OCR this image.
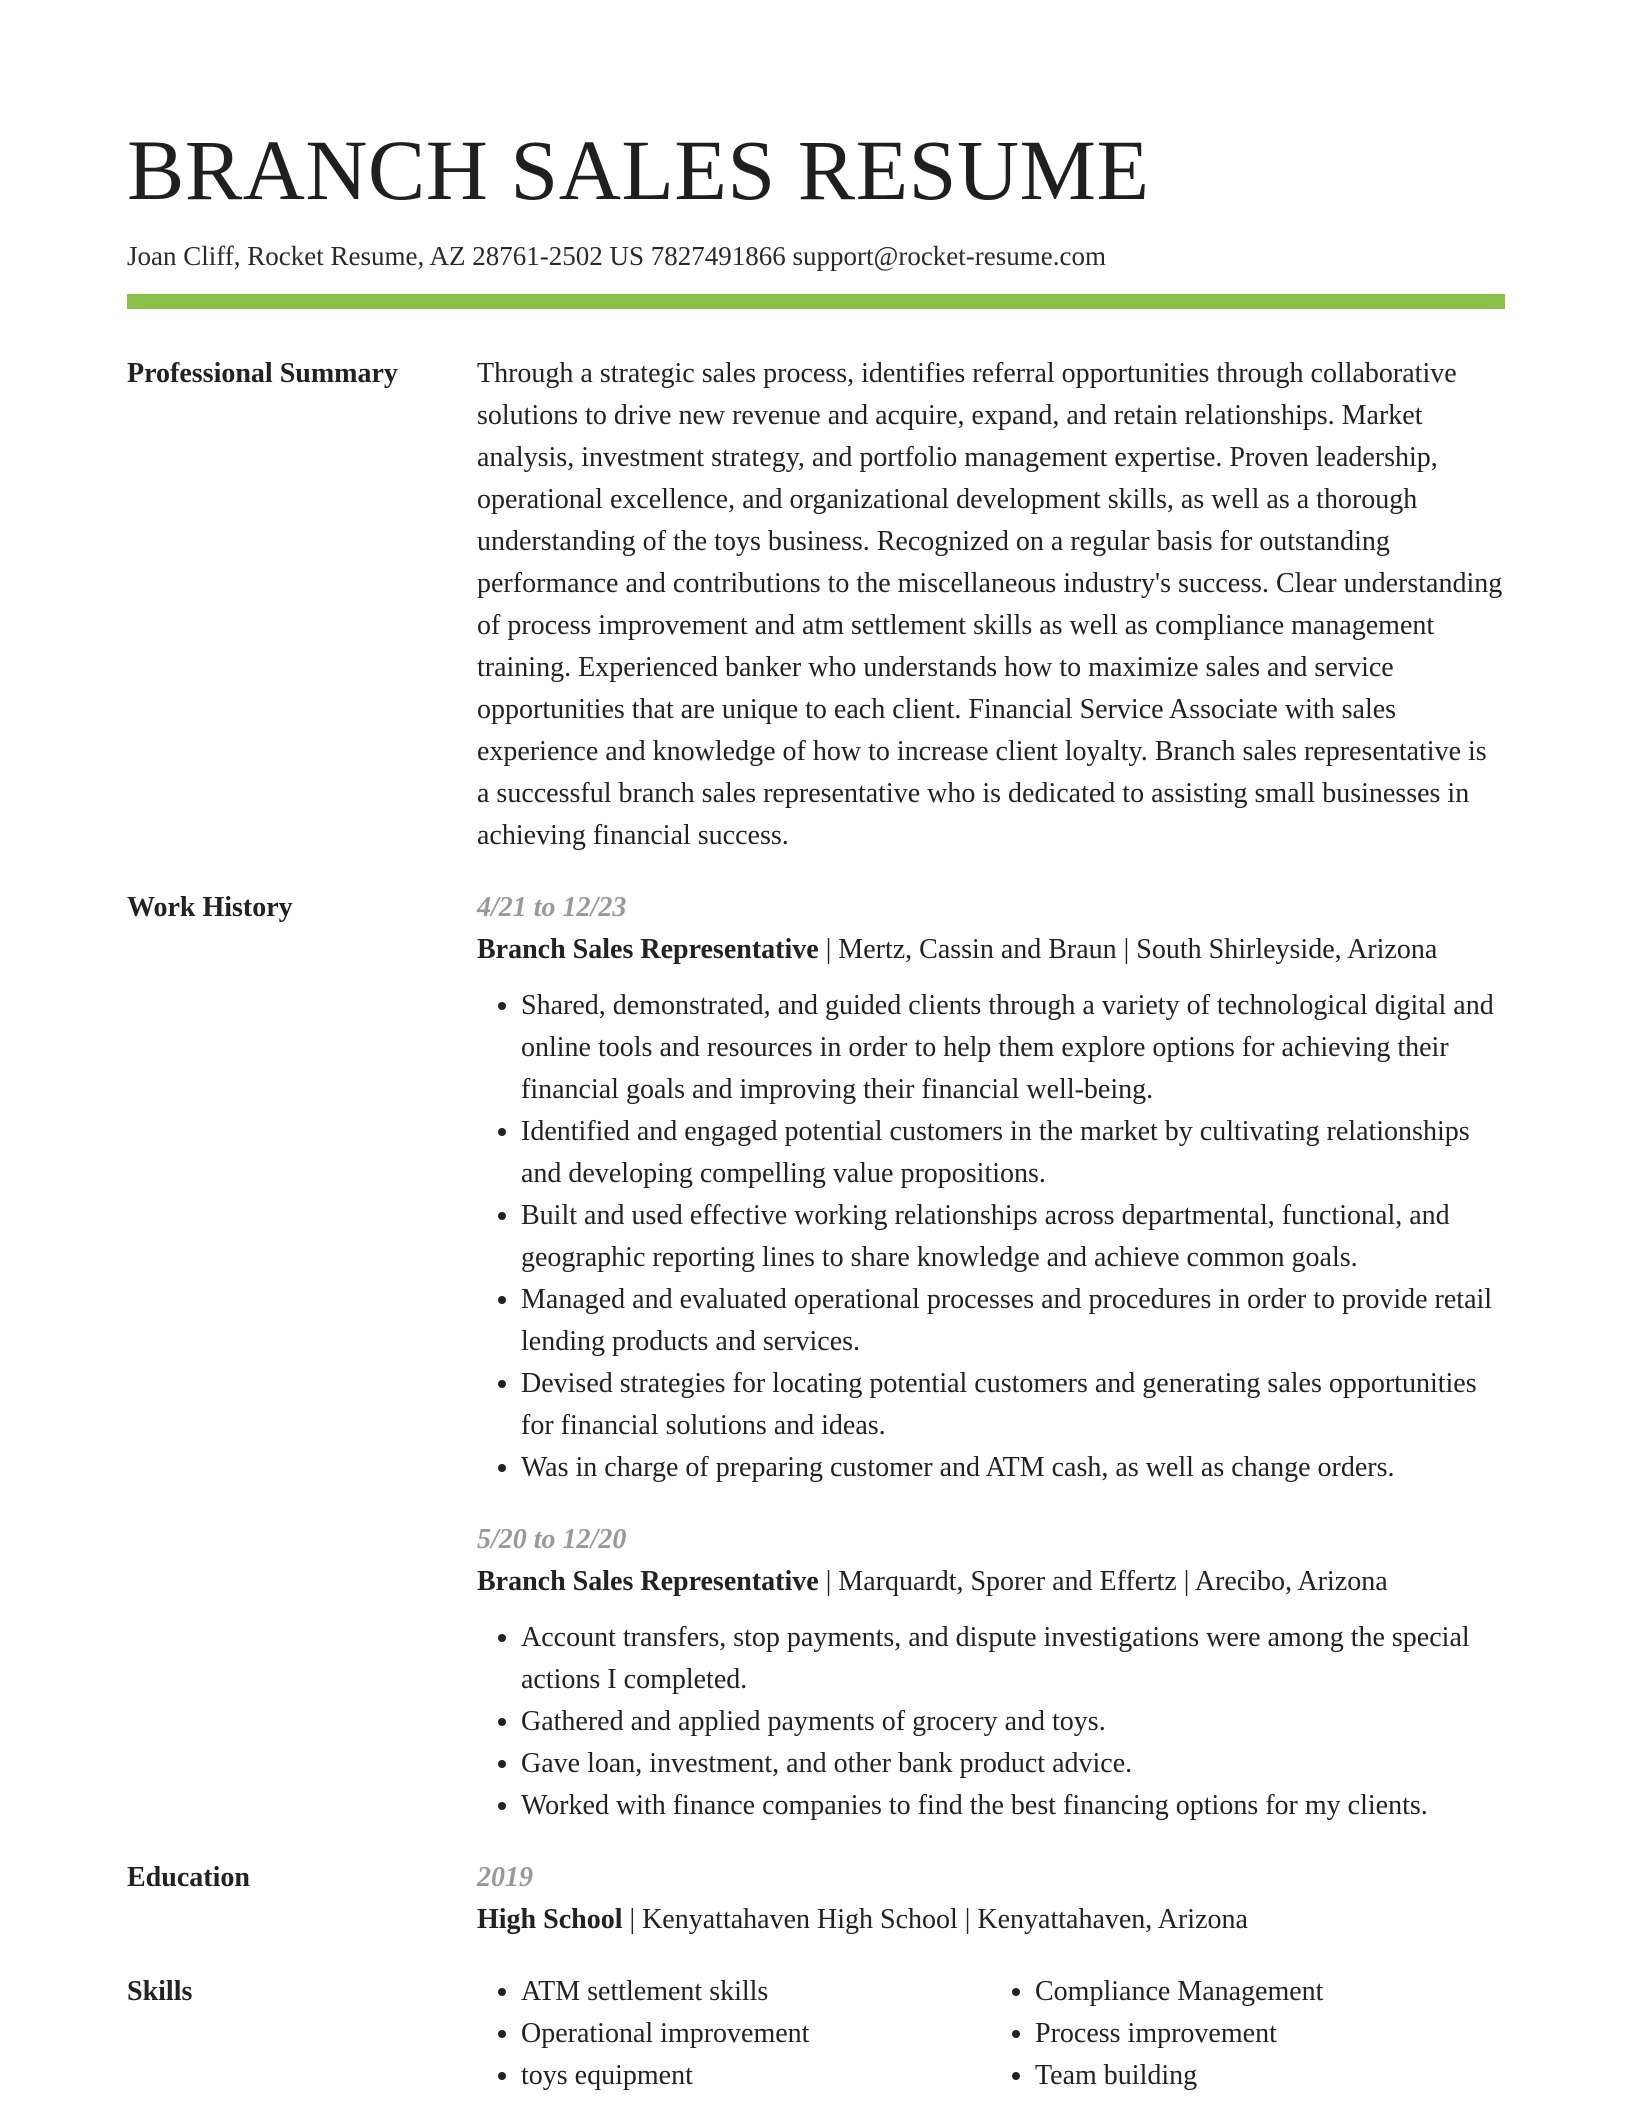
BRANCH SALES RESUME
Joan Cliff, Rocket Resume, AZ 28761-2502 US 7827491866 support@rocket-resume.com
Professional Summary	Through a strategic sales process, identifies referral opportunities through collaborative solutions to drive new revenue and acquire, expand, and retain relationships. Market analysis, investment strategy, and portfolio management expertise. Proven leadership, operational excellence, and organizational development skills, as well as a thorough understanding of the toys business. Recognized on a regular basis for outstanding performance and contributions to the miscellaneous industry's success. Clear understanding of process improvement and atm settlement skills as well as compliance management training. Experienced banker who understands how to maximize sales and service opportunities that are unique to each client. Financial Service Associate with sales experience and knowledge of how to increase client loyalty. Branch sales representative is a successful branch sales representative who is dedicated to assisting small businesses in achieving financial success.

Work History	4/21 to 12/23
Branch Sales Representative | Mertz, Cassin and Braun | South Shirleyside, Arizona
• Shared, demonstrated, and guided clients through a variety of technological digital and online tools and resources in order to help them explore options for achieving their financial goals and improving their financial well-being.
• Identified and engaged potential customers in the market by cultivating relationships and developing compelling value propositions.
• Built and used effective working relationships across departmental, functional, and geographic reporting lines to share knowledge and achieve common goals.
• Managed and evaluated operational processes and procedures in order to provide retail lending products and services.
• Devised strategies for locating potential customers and generating sales opportunities for financial solutions and ideas.
• Was in charge of preparing customer and ATM cash, as well as change orders.
5/20 to 12/20
Branch Sales Representative | Marquardt, Sporer and Effertz | Arecibo, Arizona
• Account transfers, stop payments, and dispute investigations were among the special actions I completed.
• Gathered and applied payments of grocery and toys.
• Gave loan, investment, and other bank product advice.
• Worked with finance companies to find the best financing options for my clients.
Education	2019
High School | Kenyattahaven High School | Kenyattahaven, Arizona
Skills
•	ATM settlement skills
• Operational improvement
• toys equipment
• Compliance Management
• Process improvement
• Team building
